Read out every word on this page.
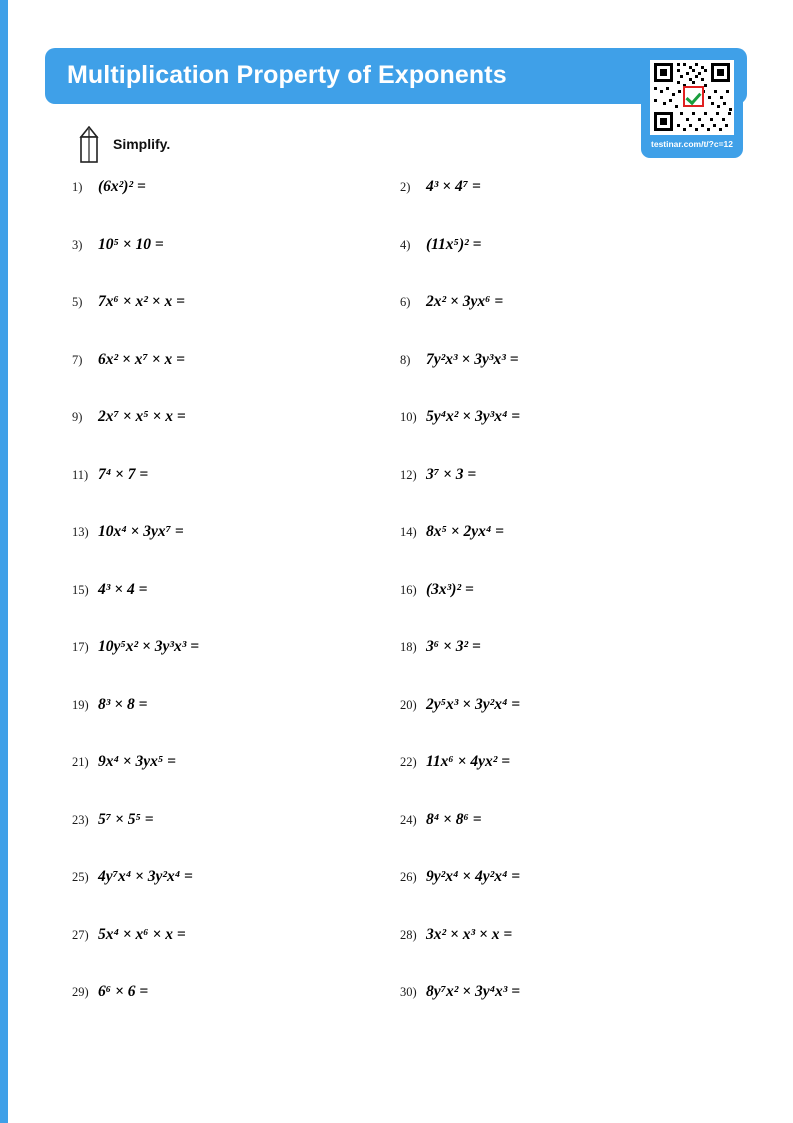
Multiplication Property of Exponents
testinar.com/t/?c=12
Simplify.
1)	(6x²)² =	2)	4³ × 4⁷ =
3)	10⁵ × 10 =	4)	(11x⁵)² =
5)	7x⁶ × x² × x =	6)	2x² × 3yx⁶ =
7)	6x² × x⁷ × x =	8)	7y²x³ × 3y³x³ =
9)	2x⁷ × x⁵ × x =	10) 5y⁴x² × 3y³x⁴ =
11) 7⁴ × 7 =	12) 3⁷ × 3 =
13) 10x⁴ × 3yx⁷ =	14) 8x⁵ × 2yx⁴ =
15) 4³ × 4 =	16) (3x³)² =
17) 10y⁵x² × 3y³x³ =	18) 3⁶ × 3² =
19) 8³ × 8 =	20) 2y⁵x³ × 3y²x⁴ =
21) 9x⁴ × 3yx⁵ =	22) 11x⁶ × 4yx² =
23) 5⁷ × 5⁵ =	24) 8⁴ × 8⁶ =
25) 4y⁷x⁴ × 3y²x⁴ =	26) 9y²x⁴ × 4y²x⁴ =
27) 5x⁴ × x⁶ × x =	28) 3x² × x³ × x =
29) 6⁶ × 6 =	30) 8y⁷x² × 3y⁴x³ =
